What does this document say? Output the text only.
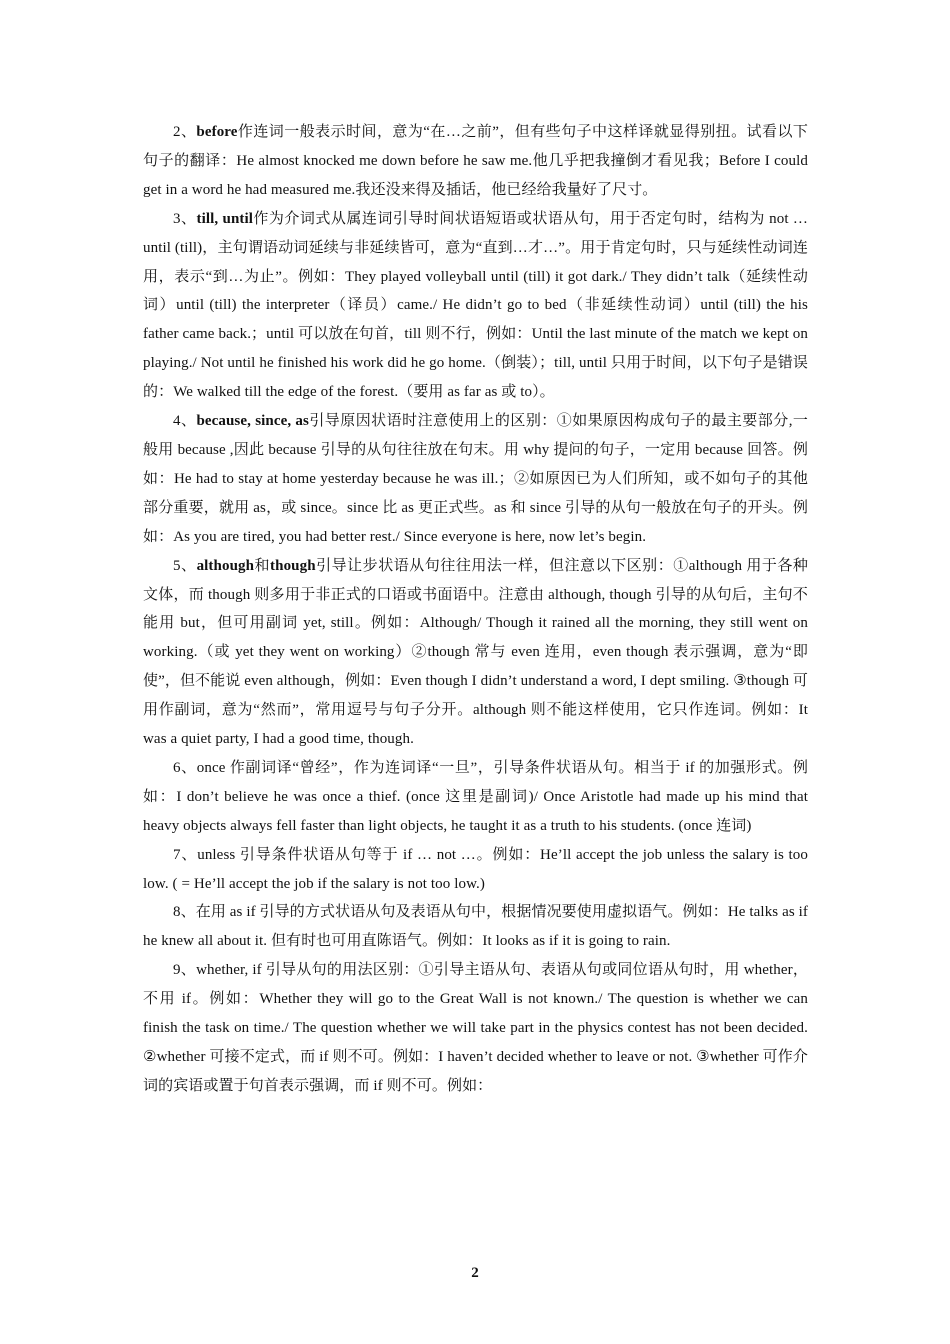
2、before作连词一般表示时间，意为“在…之前”，但有些句子中这样译就显得别扭。试看以下句子的翻译：He almost knocked me down before he saw me.他几乎把我撞倒才看见我；Before I could get in a word he had measured me.我还没来得及插话，他已经给我量好了尺寸。

3、till, until作为介词式从属连词引导时间状语短语或状语从句，用于否定句时，结构为 not …until (till)，主句谓语动词延续与非延续皆可，意为“直到…才…”。用于肯定句时，只与延续性动词连用，表示“到…为止”。例如：They played volleyball until (till) it got dark./ They didn’t talk（延续性动词）until (till) the interpreter（译员）came./ He didn’t go to bed（非延续性动词）until (till) the his father came back.；until 可以放在句首，till 则不行，例如：Until the last minute of the match we kept on playing./ Not until he finished his work did he go home.（倒装）；till, until 只用于时间，以下句子是错误的：We walked till the edge of the forest.（要用 as far as 或 to）。

4、because, since, as引导原因状语时注意使用上的区别：①如果原因构成句子的最主要部分,一般用 because ,因此 because 引导的从句往往放在句末。用 why 提问的句子，一定用 because 回答。例如：He had to stay at home yesterday because he was ill.；②如原因已为人们所知，或不如句子的其他部分重要，就用 as，或 since。since 比 as 更正式些。as 和 since 引导的从句一般放在句子的开头。例如：As you are tired, you had better rest./ Since everyone is here, now let’s begin.

5、although和though引导让步状语从句往往用法一样，但注意以下区别：①although 用于各种文体，而 though 则多用于非正式的口语或书面语中。注意由 although, though 引导的从句后，主句不能用 but，但可用副词 yet, still。例如：Although/ Though it rained all the morning, they still went on working.（或 yet they went on working）②though 常与 even 连用，even though 表示强调，意为“即使”，但不能说 even although，例如：Even though I didn’t understand a word, I dept smiling. ③though 可用作副词，意为“然而”，常用逗号与句子分开。although 则不能这样使用，它只作连词。例如：It was a quiet party, I had a good time, though.

6、once 作副词译“曾经”，作为连词译“一旦”，引导条件状语从句。相当于 if 的加强形式。例如：I don’t believe he was once a thief. (once 这里是副词)/ Once Aristotle had made up his mind that heavy objects always fell faster than light objects, he taught it as a truth to his students. (once 连词)

7、unless 引导条件状语从句等于 if … not …。例如：He’ll accept the job unless the salary is too low. ( = He’ll accept the job if the salary is not too low.)

8、在用 as if 引导的方式状语从句及表语从句中，根据情况要使用虚拟语气。例如：He talks as if he knew all about it. 但有时也可用直陈语气。例如：It looks as if it is going to rain.

9、whether, if 引导从句的用法区别：①引导主语从句、表语从句或同位语从句时，用 whether，不用 if。例如：Whether they will go to the Great Wall is not known./ The question is whether we can finish the task on time./ The question whether we will take part in the physics contest has not been decided. ②whether 可接不定式，而 if 则不可。例如：I haven’t decided whether to leave or not. ③whether 可作介词的宾语或置于句首表示强调，而 if 则不可。例如：

2
